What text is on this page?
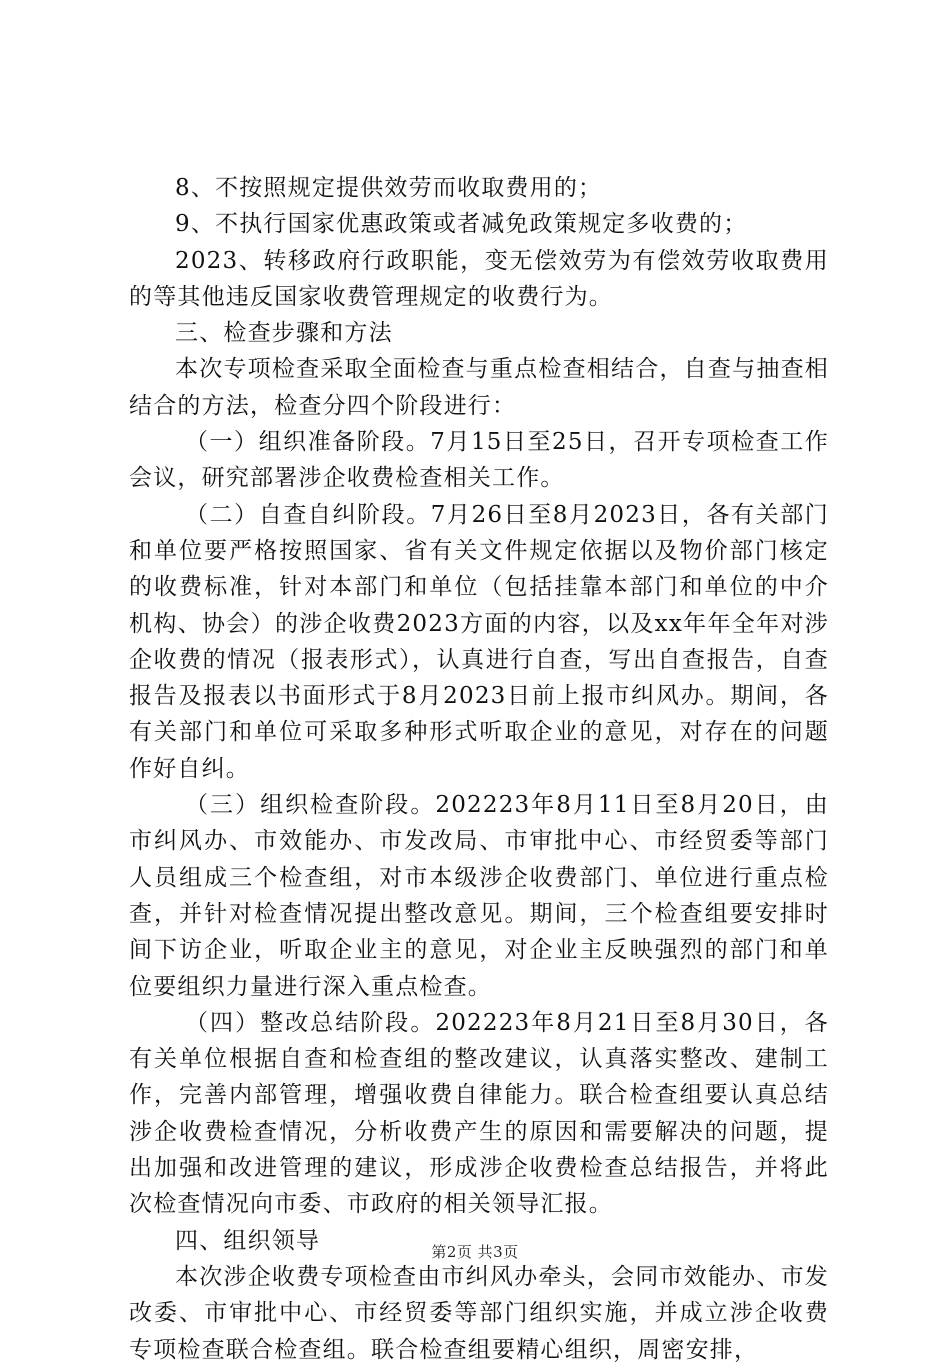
8、不按照规定提供效劳而收取费用的；

9、不执行国家优惠政策或者减免政策规定多收费的；

2023、转移政府行政职能，变无偿效劳为有偿效劳收取费用的等其他违反国家收费管理规定的收费行为。

三、检查步骤和方法

本次专项检查采取全面检查与重点检查相结合，自查与抽查相结合的方法，检查分四个阶段进行：

（一）组织准备阶段。7月15日至25日，召开专项检查工作会议，研究部署涉企收费检查相关工作。

（二）自查自纠阶段。7月26日至8月2023日，各有关部门和单位要严格按照国家、省有关文件规定依据以及物价部门核定的收费标准，针对本部门和单位（包括挂靠本部门和单位的中介机构、协会）的涉企收费2023方面的内容，以及xx年年全年对涉企收费的情况（报表形式），认真进行自查，写出自查报告，自查报告及报表以书面形式于8月2023日前上报市纠风办。期间，各有关部门和单位可采取多种形式听取企业的意见，对存在的问题作好自纠。

（三）组织检查阶段。202223年8月11日至8月20日，由市纠风办、市效能办、市发改局、市审批中心、市经贸委等部门人员组成三个检查组，对市本级涉企收费部门、单位进行重点检查，并针对检查情况提出整改意见。期间，三个检查组要安排时间下访企业，听取企业主的意见，对企业主反映强烈的部门和单位要组织力量进行深入重点检查。

（四）整改总结阶段。202223年8月21日至8月30日，各有关单位根据自查和检查组的整改建议，认真落实整改、建制工作，完善内部管理，增强收费自律能力。联合检查组要认真总结涉企收费检查情况，分析收费产生的原因和需要解决的问题，提出加强和改进管理的建议，形成涉企收费检查总结报告，并将此次检查情况向市委、市政府的相关领导汇报。

四、组织领导

本次涉企收费专项检查由市纠风办牵头，会同市效能办、市发改委、市审批中心、市经贸委等部门组织实施，并成立涉企收费专项检查联合检查组。联合检查组要精心组织，周密安排，

第2页 共3页
